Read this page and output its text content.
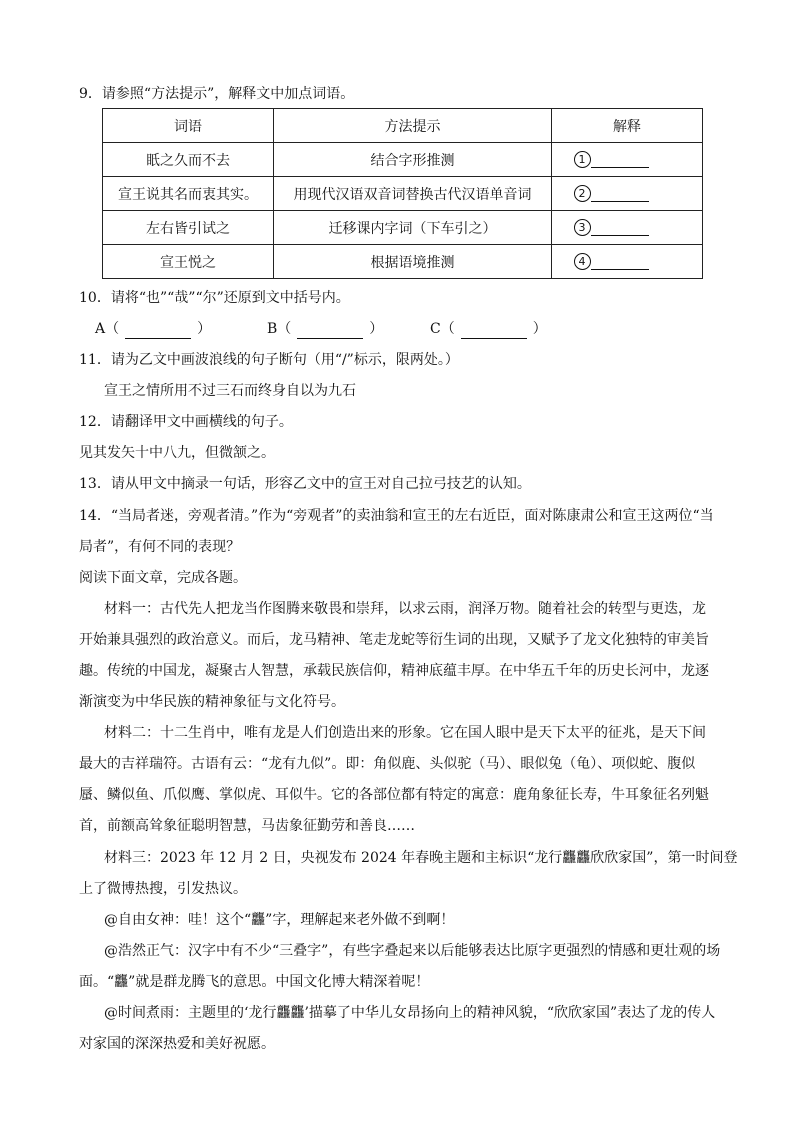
9．请参照“方法提示”，解释文中加点词语。
词语	方法提示	解释
眂之久而不去	结合字形推测	1
宣王说其名而衷其实。	用现代汉语双音词替换古代汉语单音词	2
左右皆引试之	迁移课内字词（下车引之）	3
宣王悦之	根据语境推测	4
10．请将“也”“哉”“尔”还原到文中括号内。
A（	）	B（	）	C（	）
11．请为乙文中画波浪线的句子断句（用“/”标示，限两处。）
宣王之情所用不过三石而终身自以为九石
12．请翻译甲文中画横线的句子。
见其发矢十中八九，但微颔之。
13．请从甲文中摘录一句话，形容乙文中的宣王对自己拉弓技艺的认知。
14．“当局者迷，旁观者清。”作为“旁观者”的卖油翁和宣王的左右近臣，面对陈康肃公和宣王这两位“当
局者”，有何不同的表现？
阅读下面文章，完成各题。
材料一：古代先人把龙当作图腾来敬畏和崇拜，以求云雨，润泽万物。随着社会的转型与更迭，龙
开始兼具强烈的政治意义。而后，龙马精神、笔走龙蛇等衍生词的出现，又赋予了龙文化独特的审美旨
趣。传统的中国龙，凝聚古人智慧，承载民族信仰，精神底蕴丰厚。在中华五千年的历史长河中，龙逐
渐演变为中华民族的精神象征与文化符号。
材料二：十二生肖中，唯有龙是人们创造出来的形象。它在国人眼中是天下太平的征兆，是天下间
最大的吉祥瑞符。古语有云：“龙有九似”。即：角似鹿、头似驼（马）、眼似兔（龟）、项似蛇、腹似
蜃、鳞似鱼、爪似鹰、掌似虎、耳似牛。它的各部位都有特定的寓意：鹿角象征长寿，牛耳象征名列魁
首，前额高耸象征聪明智慧，马齿象征勤劳和善良……
材料三：2023 年 12 月 2 日，央视发布 2024 年春晚主题和主标识“龙行龘龘欣欣家国”，第一时间登
上了微博热搜，引发热议。
@自由女神：哇！这个“龘”字，理解起来老外做不到啊！
@浩然正气：汉字中有不少“三叠字”，有些字叠起来以后能够表达比原字更强烈的情感和更壮观的场
面。“龘”就是群龙腾飞的意思。中国文化博大精深着呢！
@时间煮雨：主题里的‘龙行龘龘’描摹了中华儿女昂扬向上的精神风貌，“欣欣家国”表达了龙的传人
对家国的深深热爱和美好祝愿。
